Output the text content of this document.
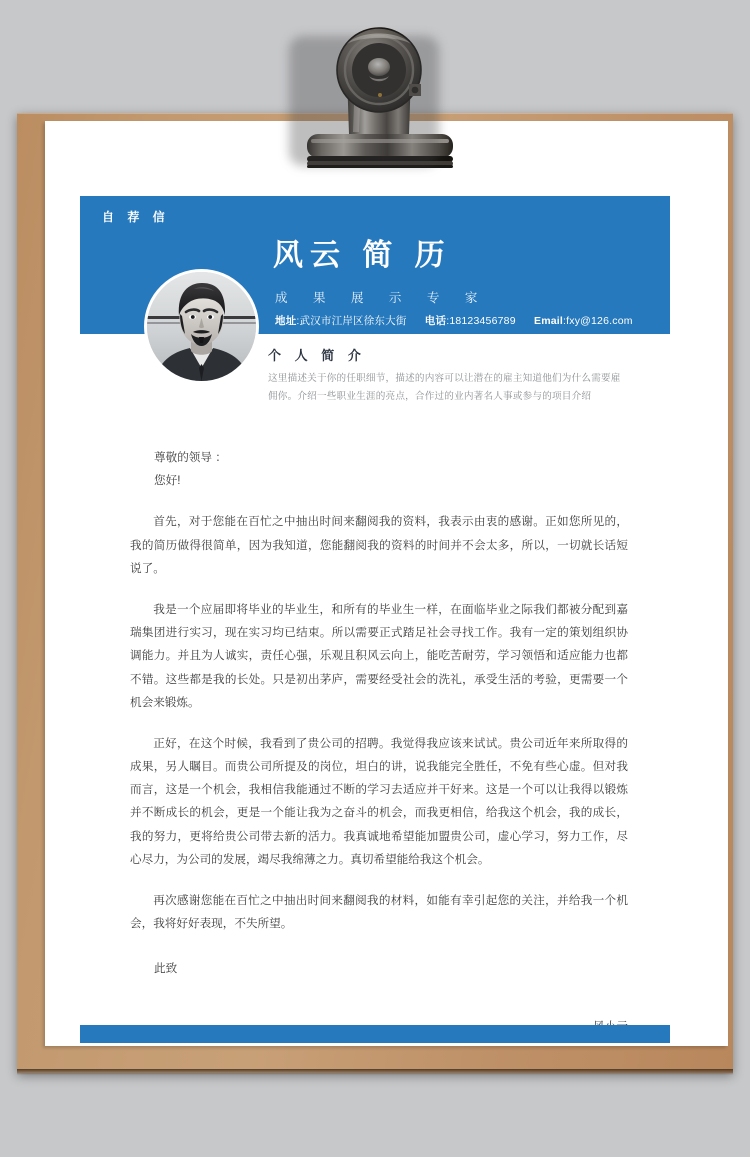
自 荐 信
风云 简 历
成 果 展 示 专 家
地址:武汉市江岸区徐东大街 电话:18123456789 Email:fxy@126.com
个 人 简 介
这里描述关于你的任职细节，描述的内容可以让潜在的雇主知道他们为什么需要雇佣你。介绍一些职业生涯的亮点，合作过的业内著名人事或参与的项目介绍
尊敬的领导 ：
您好!

首先，对于您能在百忙之中抽出时间来翻阅我的资料，我表示由衷的感谢。正如您所见的，我的简历做得很简单，因为我知道，您能翻阅我的资料的时间并不会太多，所以，一切就长话短说了。

我是一个应届即将毕业的毕业生，和所有的毕业生一样，在面临毕业之际我们都被分配到嘉瑞集团进行实习，现在实习均已结束。所以需要正式踏足社会寻找工作。我有一定的策划组织协调能力。并且为人诚实，责任心强，乐观且积风云向上，能吃苦耐劳，学习领悟和适应能力也都不错。这些都是我的长处。只是初出茅庐，需要经受社会的洗礼，承受生活的考验，更需要一个机会来锻炼。

正好，在这个时候，我看到了贵公司的招聘。我觉得我应该来试试。贵公司近年来所取得的成果，另人瞩目。而贵公司所提及的岗位，坦白的讲，说我能完全胜任，不免有些心虚。但对我而言，这是一个机会，我相信我能通过不断的学习去适应并干好来。这是一个可以让我得以锻炼并不断成长的机会，更是一个能让我为之奋斗的机会，而我更相信，给我这个机会，我的成长，我的努力，更将给贵公司带去新的活力。我真诚地希望能加盟贵公司，虚心学习，努力工作，尽心尽力，为公司的发展，竭尽我绵薄之力。真切希望能给我这个机会。

再次感谢您能在百忙之中抽出时间来翻阅我的材料，如能有幸引起您的关注，并给我一个机会，我将好好表现，不失所望。

此致
